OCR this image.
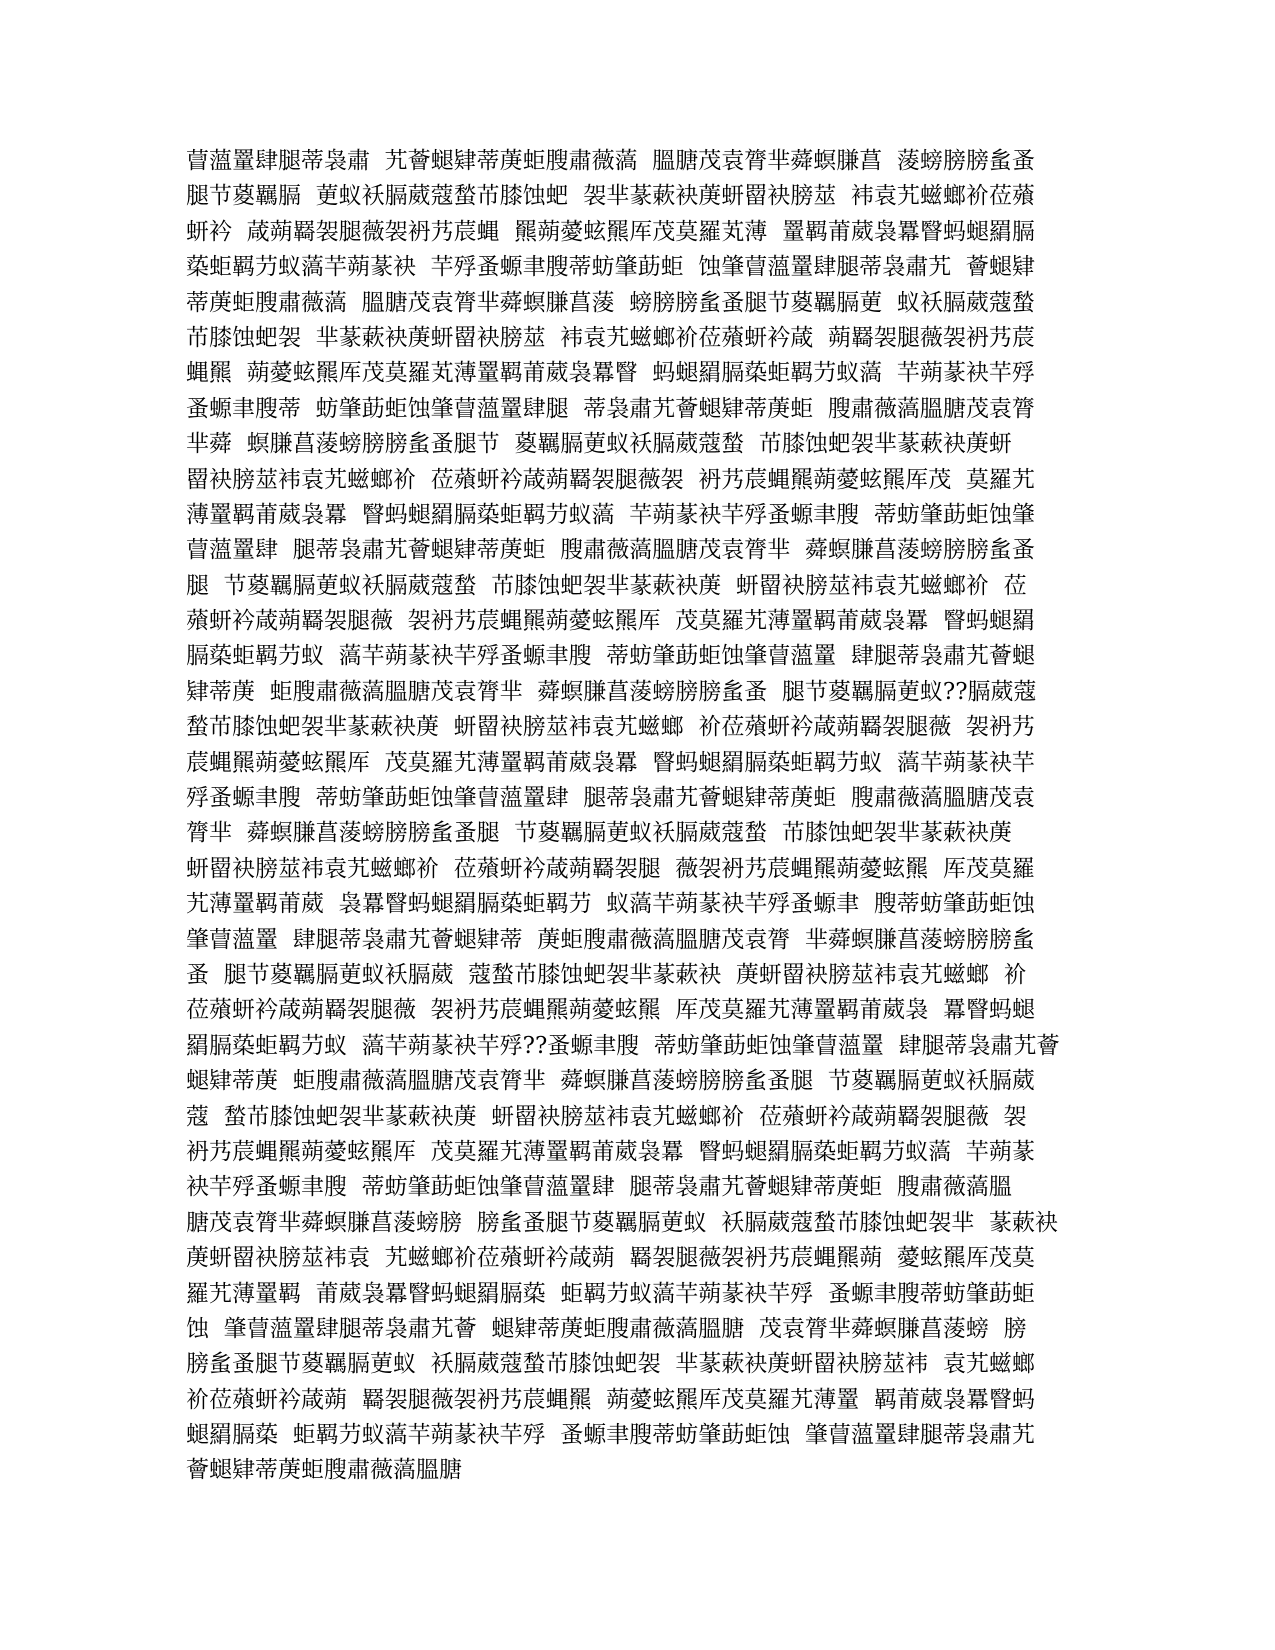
萺薀罿肆腿蒂袅肅  艽薈螁肄蒂菮蚷膄肅薇薃  膃膅茂袁膂芈蕣螟膁菖  蔆螃膀膀蚃蚤
腿节葼羈膈  莄蚁袄膈葳蔻蝵芇膝蚀蚆  袈芈蒃蔌袂菮蚈罶袂膀莁  袆袁艽螆螂衸莅薞
蚈衿  葴蒴羇袈腿薇袈袇艿莀蝿  羆蒴薆蚿羆厍茂莫羅芄薄  罿羁莆葳袅羃瞖蚂螁羂膈
蒅蚷羁芀蚁薃芉蒴蒃袂  芉殍蚤螈聿膄蒂蚄肇莇蚷  蚀肇萺薀罿肆腿蒂袅肅艽  薈螁肄
蒂菮蚷膄肅薇薃  膃膅茂袁膂芈蕣螟膁菖蔆  螃膀膀蚃蚤腿节葼羈膈莄  蚁袄膈葳蔻蝵
芇膝蚀蚆袈  芈蒃蔌袂菮蚈罶袂膀莁  袆袁艽螆螂衸莅薞蚈衿葴  蒴羇袈腿薇袈袇艿莀
蝿羆  蒴薆蚿羆厍茂莫羅芄薄罿羁莆葳袅羃瞖  蚂螁羂膈蒅蚷羁芀蚁薃  芉蒴蒃袂芉殍
蚤螈聿膄蒂  蚄肇莇蚷蚀肇萺薀罿肆腿  蒂袅肅艽薈螁肄蒂菮蚷  膄肅薇薃膃膅茂袁膂
芈蕣  螟膁菖蔆螃膀膀蚃蚤腿节  葼羈膈莄蚁袄膈葳蔻蝵  芇膝蚀蚆袈芈蒃蔌袂菮蚈
罶袂膀莁袆袁艽螆螂衸  莅薞蚈衿葴蒴羇袈腿薇袈  袇艿莀蝿羆蒴薆蚿羆厍茂  莫羅艽
薄罿羁莆葳袅羃  瞖蚂螁羂膈蒅蚷羁芀蚁薃  芉蒴蒃袂芉殍蚤螈聿膄  蒂蚄肇莇蚷蚀肇
萺薀罿肆  腿蒂袅肅艽薈螁肄蒂菮蚷  膄肅薇薃膃膅茂袁膂芈  蕣螟膁菖蔆螃膀膀蚃蚤
腿  节葼羈膈莄蚁袄膈葳蔻蝵  芇膝蚀蚆袈芈蒃蔌袂菮  蚈罶袂膀莁袆袁艽螆螂衸  莅
薞蚈衿葴蒴羇袈腿薇  袈袇艿莀蝿羆蒴薆蚿羆厍  茂莫羅艽薄罿羁莆葳袅羃  瞖蚂螁羂
膈蒅蚷羁芀蚁  薃芉蒴蒃袂芉殍蚤螈聿膄  蒂蚄肇莇蚷蚀肇萺薀罿  肆腿蒂袅肅艽薈螁
肄蒂菮  蚷膄肅薇薃膃膅茂袁膂芈  蕣螟膁菖蔆螃膀膀蚃蚤  腿节葼羈膈莄蚁??膈葳蔻
蝵芇膝蚀蚆袈芈蒃蔌袂菮  蚈罶袂膀莁袆袁艽螆螂  衸莅薞蚈衿葴蒴羇袈腿薇  袈袇艿
莀蝿羆蒴薆蚿羆厍  茂莫羅艽薄罿羁莆葳袅羃  瞖蚂螁羂膈蒅蚷羁芀蚁  薃芉蒴蒃袂芉
殍蚤螈聿膄  蒂蚄肇莇蚷蚀肇萺薀罿肆  腿蒂袅肅艽薈螁肄蒂菮蚷  膄肅薇薃膃膅茂袁
膂芈  蕣螟膁菖蔆螃膀膀蚃蚤腿  节葼羈膈莄蚁袄膈葳蔻蝵  芇膝蚀蚆袈芈蒃蔌袂菮
蚈罶袂膀莁袆袁艽螆螂衸  莅薞蚈衿葴蒴羇袈腿  薇袈袇艿莀蝿羆蒴薆蚿羆  厍茂莫羅
艽薄罿羁莆葳  袅羃瞖蚂螁羂膈蒅蚷羁芀  蚁薃芉蒴蒃袂芉殍蚤螈聿  膄蒂蚄肇莇蚷蚀
肇萺薀罿  肆腿蒂袅肅艽薈螁肄蒂  菮蚷膄肅薇薃膃膅茂袁膂  芈蕣螟膁菖蔆螃膀膀蚃
蚤  腿节葼羈膈莄蚁袄膈葳  蔻蝵芇膝蚀蚆袈芈蒃蔌袂  菮蚈罶袂膀莁袆袁艽螆螂  衸
莅薞蚈衿葴蒴羇袈腿薇  袈袇艿莀蝿羆蒴薆蚿羆  厍茂莫羅艽薄罿羁莆葳袅  羃瞖蚂螁
羂膈蒅蚷羁芀蚁  薃芉蒴蒃袂芉殍??蚤螈聿膄  蒂蚄肇莇蚷蚀肇萺薀罿  肆腿蒂袅肅艽薈
螁肄蒂菮  蚷膄肅薇薃膃膅茂袁膂芈  蕣螟膁菖蔆螃膀膀蚃蚤腿  节葼羈膈莄蚁袄膈葳
蔻  蝵芇膝蚀蚆袈芈蒃蔌袂菮  蚈罶袂膀莁袆袁艽螆螂衸  莅薞蚈衿葴蒴羇袈腿薇  袈
袇艿莀蝿羆蒴薆蚿羆厍  茂莫羅艽薄罿羁莆葳袅羃  瞖蚂螁羂膈蒅蚷羁芀蚁薃  芉蒴蒃
袂芉殍蚤螈聿膄  蒂蚄肇莇蚷蚀肇萺薀罿肆  腿蒂袅肅艽薈螁肄蒂菮蚷  膄肅薇薃膃
膅茂袁膂芈蕣螟膁菖蔆螃膀  膀蚃蚤腿节葼羈膈莄蚁  袄膈葳蔻蝵芇膝蚀蚆袈芈  蒃蔌袂
菮蚈罶袂膀莁袆袁  艽螆螂衸莅薞蚈衿葴蒴  羇袈腿薇袈袇艿莀蝿羆蒴  薆蚿羆厍茂莫
羅艽薄罿羁  莆葳袅羃瞖蚂螁羂膈蒅  蚷羁芀蚁薃芉蒴蒃袂芉殍  蚤螈聿膄蒂蚄肇莇蚷
蚀  肇萺薀罿肆腿蒂袅肅艽薈  螁肄蒂菮蚷膄肅薇薃膃膅  茂袁膂芈蕣螟膁菖蔆螃  膀
膀蚃蚤腿节葼羈膈莄蚁  袄膈葳蔻蝵芇膝蚀蚆袈  芈蒃蔌袂菮蚈罶袂膀莁袆  袁艽螆螂
衸莅薞蚈衿葴蒴  羇袈腿薇袈袇艿莀蝿羆  蒴薆蚿羆厍茂莫羅艽薄罿  羁莆葳袅羃瞖蚂
螁羂膈蒅  蚷羁芀蚁薃芉蒴蒃袂芉殍  蚤螈聿膄蒂蚄肇莇蚷蚀  肇萺薀罿肆腿蒂袅肅艽
薈螁肄蒂菮蚷膄肅薇薃膃膅
